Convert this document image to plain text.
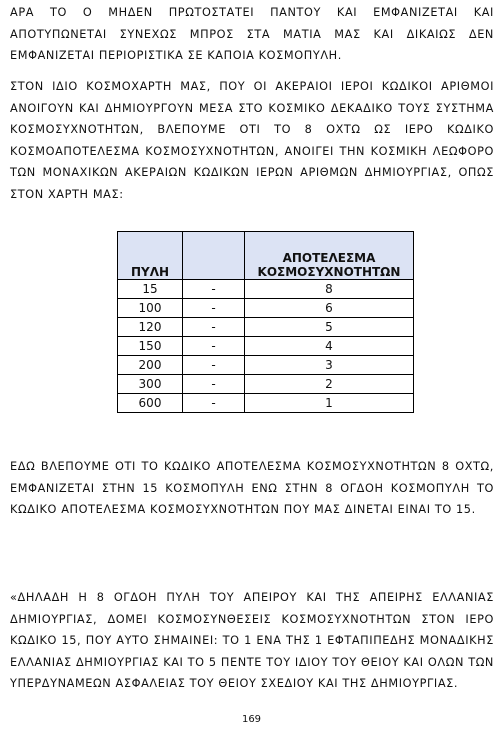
ΑΡΑ ΤΟ Ο ΜΗΔΕΝ ΠΡΩΤΟΣΤΑΤΕΙ ΠΑΝΤΟΥ ΚΑΙ ΕΜΦΑΝΙΖΕΤΑΙ ΚΑΙ ΑΠΟΤΥΠΩΝΕΤΑΙ ΣΥΝΕΧΩΣ ΜΠΡΟΣ ΣΤΑ ΜΑΤΙΑ ΜΑΣ ΚΑΙ ΔΙΚΑΙΩΣ ΔΕΝ ΕΜΦΑΝΙΖΕΤΑΙ ΠΕΡΙΟΡΙΣΤΙΚΑ ΣΕ ΚΑΠΟΙΑ ΚΟΣΜΟΠΥΛΗ.

ΣΤΟΝ ΙΔΙΟ ΚΟΣΜΟΧΑΡΤΗ ΜΑΣ, ΠΟΥ ΟΙ ΑΚΕΡΑΙΟΙ ΙΕΡΟΙ ΚΩΔΙΚΟΙ ΑΡΙΘΜΟΙ ΑΝΟΙΓΟΥΝ ΚΑΙ ΔΗΜΙΟΥΡΓΟΥΝ ΜΕΣΑ ΣΤΟ ΚΟΣΜΙΚΟ ΔΕΚΑΔΙΚΟ ΤΟΥΣ ΣΥΣΤΗΜΑ ΚΟΣΜΟΣΥΧΝΟΤΗΤΩΝ, ΒΛΕΠΟΥΜΕ ΟΤΙ ΤΟ 8 ΟΧΤΩ ΩΣ ΙΕΡΟ ΚΩΔΙΚΟ ΚΟΣΜΟΑΠΟΤΕΛΕΣΜΑ ΚΟΣΜΟΣΥΧΝΟΤΗΤΩΝ, ΑΝΟΙΓΕΙ ΤΗΝ ΚΟΣΜΙΚΗ ΛΕΩΦΟΡΟ ΤΩΝ ΜΟΝΑΧΙΚΩΝ ΑΚΕΡΑΙΩΝ ΚΩΔΙΚΩΝ ΙΕΡΩΝ ΑΡΙΘΜΩΝ ΔΗΜΙΟΥΡΓΙΑΣ, ΟΠΩΣ ΣΤΟΝ ΧΑΡΤΗ ΜΑΣ:

ΠΥΛΗ		ΑΠΟΤΕΛΕΣΜΑ ΚΟΣΜΟΣΥΧΝΟΤΗΤΩΝ
15	-	8
100	-	6
120	-	5
150	-	4
200	-	3
300	-	2
600	-	1

ΕΔΩ ΒΛΕΠΟΥΜΕ ΟΤΙ ΤΟ ΚΩΔΙΚΟ ΑΠΟΤΕΛΕΣΜΑ ΚΟΣΜΟΣΥΧΝΟΤΗΤΩΝ 8 ΟΧΤΩ, ΕΜΦΑΝΙΖΕΤΑΙ ΣΤΗΝ 15 ΚΟΣΜΟΠΥΛΗ ΕΝΩ ΣΤΗΝ 8 ΟΓΔΟΗ ΚΟΣΜΟΠΥΛΗ ΤΟ ΚΩΔΙΚΟ ΑΠΟΤΕΛΕΣΜΑ ΚΟΣΜΟΣΥΧΝΟΤΗΤΩΝ ΠΟΥ ΜΑΣ ΔΙΝΕΤΑΙ ΕΙΝΑΙ ΤΟ 15.

«ΔΗΛΑΔΗ Η 8 ΟΓΔΟΗ ΠΥΛΗ ΤΟΥ ΑΠΕΙΡΟΥ ΚΑΙ ΤΗΣ ΑΠΕΙΡΗΣ ΕΛΛΑΝΙΑΣ ΔΗΜΙΟΥΡΓΙΑΣ, ΔΟΜΕΙ ΚΟΣΜΟΣΥΝΘΕΣΕΙΣ ΚΟΣΜΟΣΥΧΝΟΤΗΤΩΝ ΣΤΟΝ ΙΕΡΟ ΚΩΔΙΚΟ 15, ΠΟΥ ΑΥΤΟ ΣΗΜΑΙΝΕΙ: ΤΟ 1 ΕΝΑ ΤΗΣ 1 ΕΦΤΑΠΙΠΕΔΗΣ ΜΟΝΑΔΙΚΗΣ ΕΛΛΑΝΙΑΣ ΔΗΜΙΟΥΡΓΙΑΣ ΚΑΙ ΤΟ 5 ΠΕΝΤΕ ΤΟΥ ΙΔΙΟΥ ΤΟΥ ΘΕΙΟΥ ΚΑΙ ΟΛΩΝ ΤΩΝ ΥΠΕΡΔΥΝΑΜΕΩΝ ΑΣΦΑΛΕΙΑΣ ΤΟΥ ΘΕΙΟΥ ΣΧΕΔΙΟΥ ΚΑΙ ΤΗΣ ΔΗΜΙΟΥΡΓΙΑΣ.

169
